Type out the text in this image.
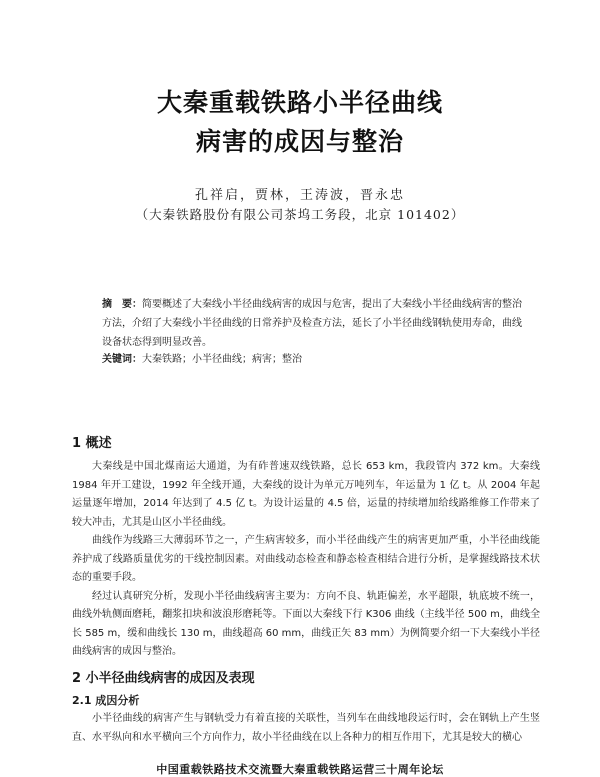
大秦重载铁路小半径曲线
病害的成因与整治
孔祥启，贾林，王涛波，晋永忠
（大秦铁路股份有限公司茶坞工务段，北京 101402）
摘　要：简要概述了大秦线小半径曲线病害的成因与危害，提出了大秦线小半径曲线病害的整治方法，介绍了大秦线小半径曲线的日常养护及检查方法，延长了小半径曲线钢轨使用寿命，曲线设备状态得到明显改善。
关键词：大秦铁路；小半径曲线；病害；整治
1 概述

大秦线是中国北煤南运大通道，为有砟普速双线铁路，总长 653 km，我段管内 372 km。大秦线 1984 年开工建设，1992 年全线开通，大秦线的设计为单元万吨列车，年运量为 1 亿 t。从 2004 年起运量逐年增加，2014 年达到了 4.5 亿 t。为设计运量的 4.5 倍，运量的持续增加给线路维修工作带来了较大冲击，尤其是山区小半径曲线。

曲线作为线路三大薄弱环节之一，产生病害较多，而小半径曲线产生的病害更加严重，小半径曲线能养护成了线路质量优劣的干线控制因素。对曲线动态检查和静态检查相结合进行分析，是掌握线路技术状态的重要手段。

经过认真研究分析，发现小半径曲线病害主要为：方向不良、轨距偏差，水平超限，轨底坡不统一，曲线外轨侧面磨耗，翻浆扣块和波浪形磨耗等。下面以大秦线下行 K306 曲线（主线半径 500 m，曲线全长 585 m，缓和曲线长 130 m，曲线超高 60 mm，曲线正矢 83 mm）为例简要介绍一下大秦线小半径曲线病害的成因与整治。

2 小半径曲线病害的成因及表现
2.1 成因分析

小半径曲线的病害产生与钢轨受力有着直接的关联性，当列车在曲线地段运行时，会在钢轨上产生竖直、水平纵向和水平横向三个方向作力，故小半径曲线在以上各种力的相互作用下，尤其是较大的横心

中国重载铁路技术交流暨大秦重载铁路运营三十周年论坛
